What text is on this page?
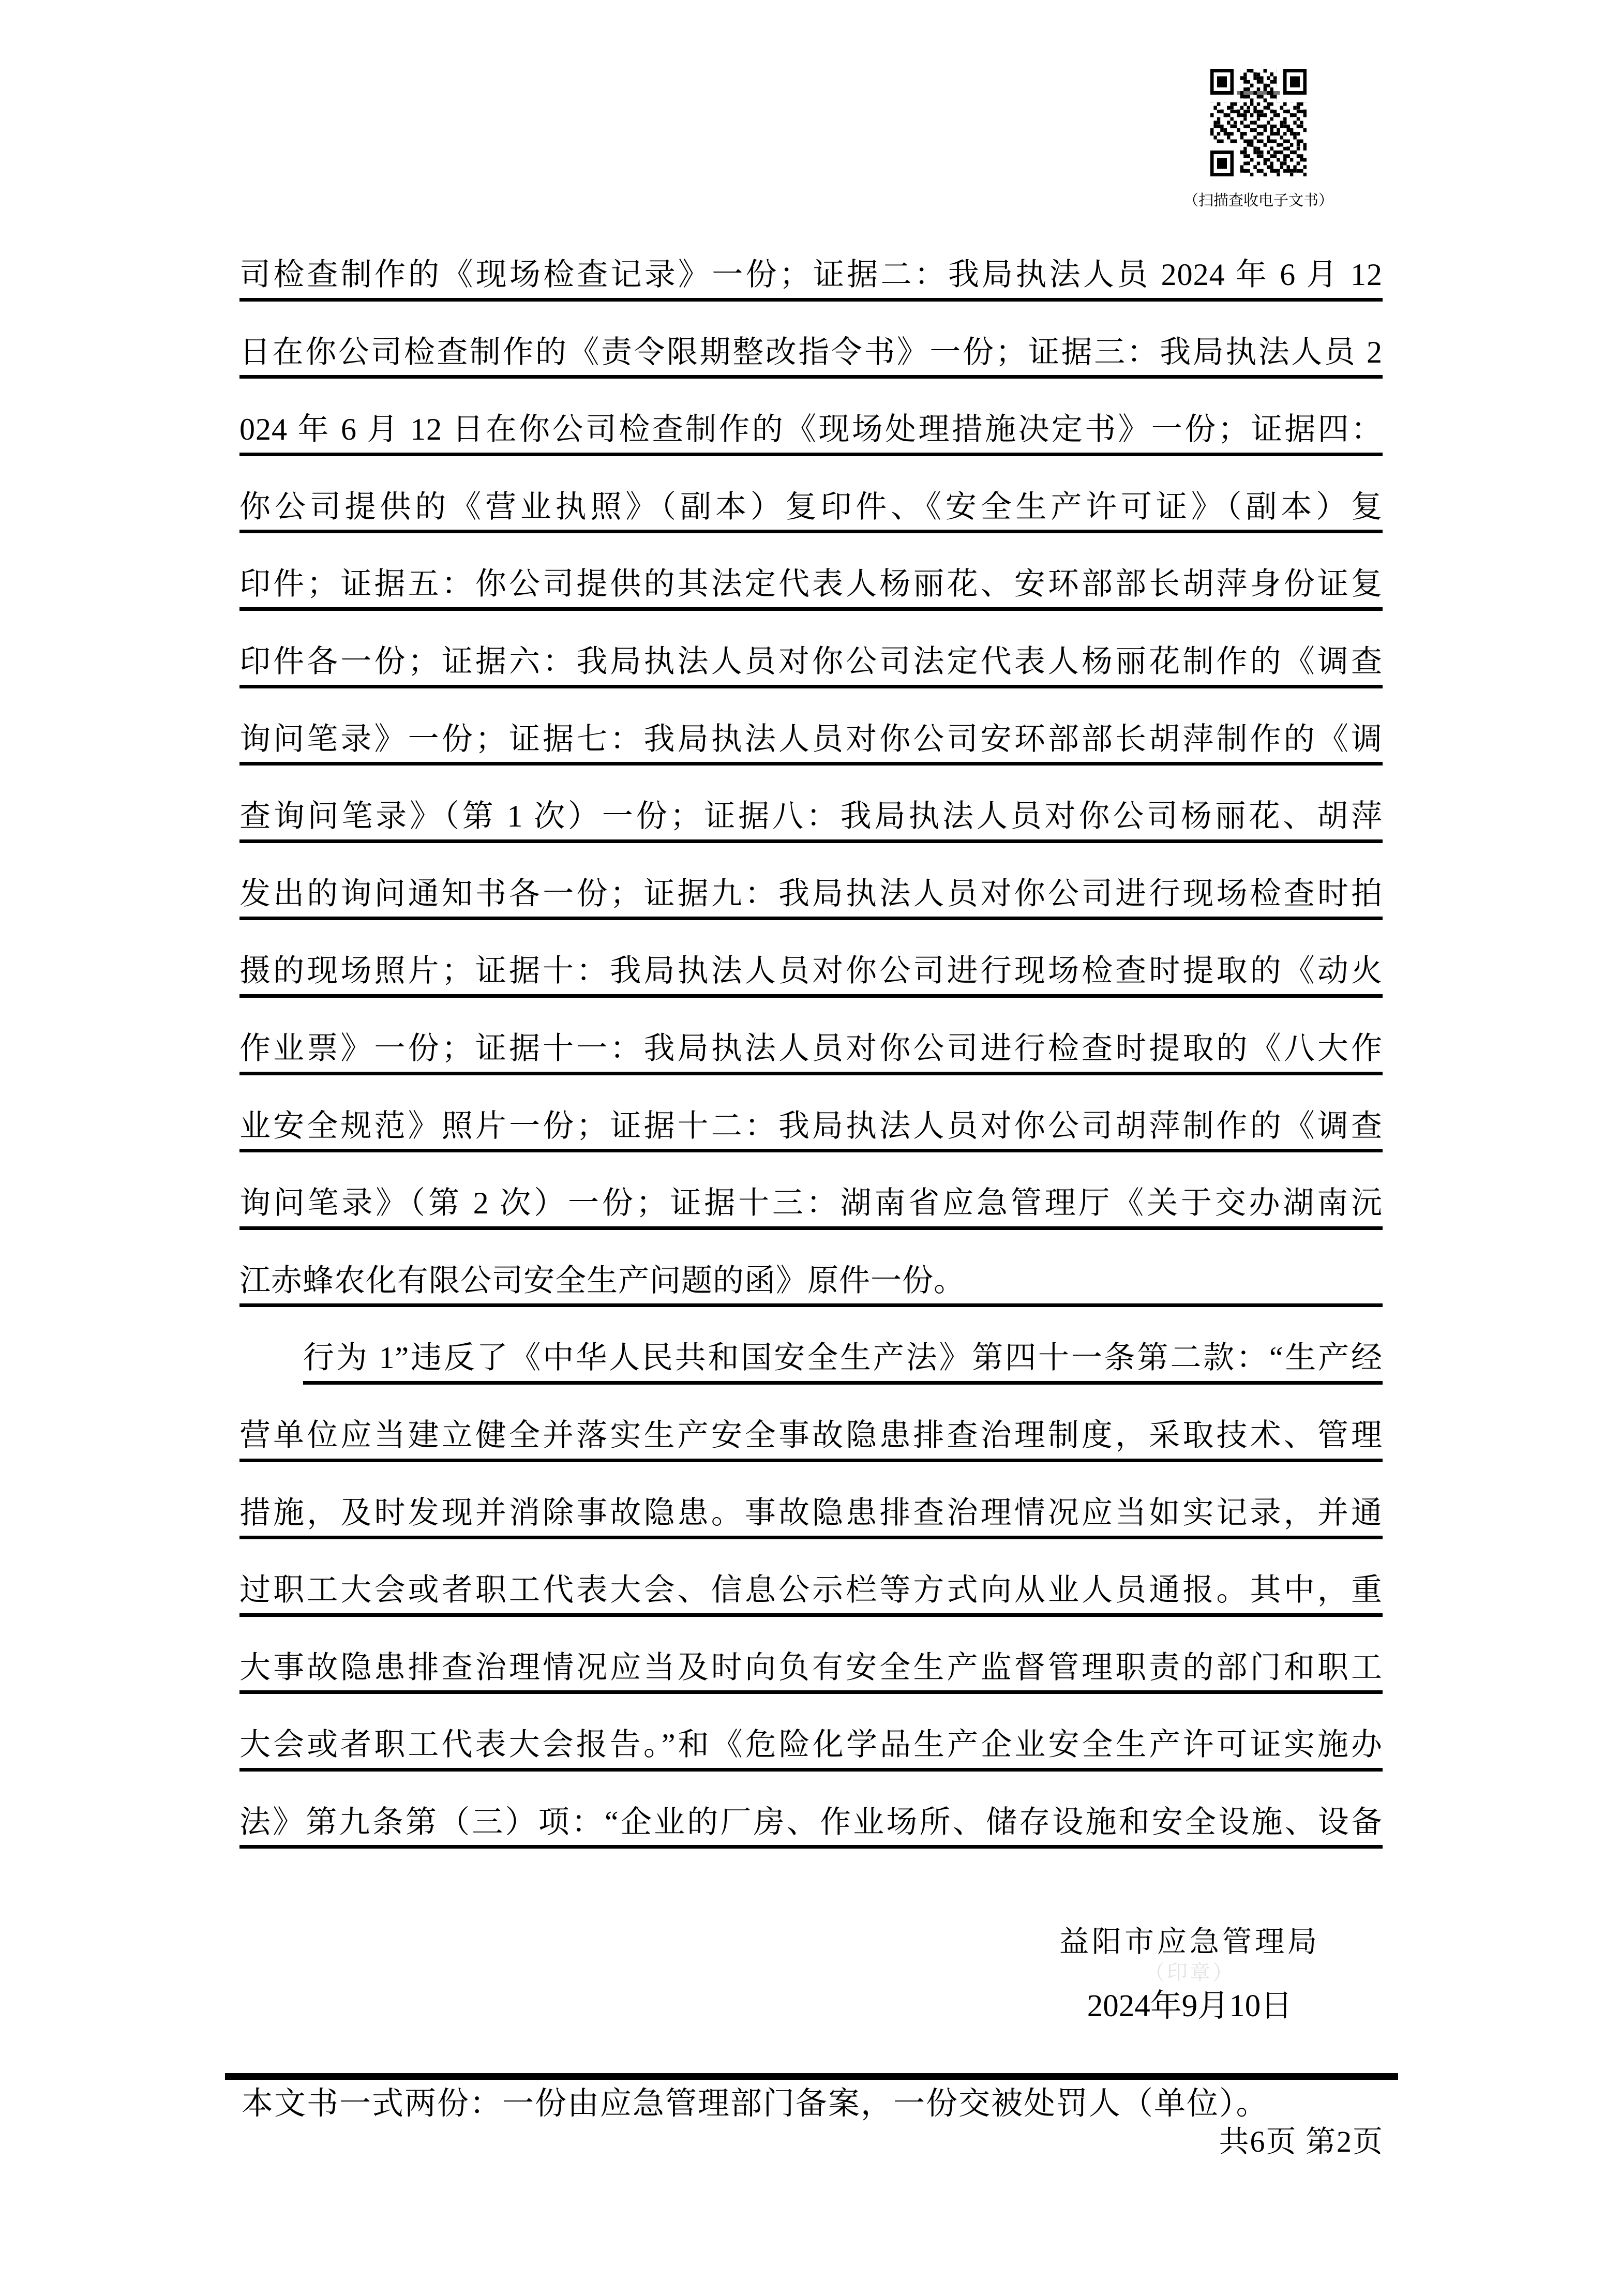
（扫描查收电子文书）
司检查制作的《现场检查记录》一份；证据二：我局执法人员 2024 年 6 月 12
日在你公司检查制作的《责令限期整改指令书》一份；证据三：我局执法人员 2
024 年 6 月 12 日在你公司检查制作的《现场处理措施决定书》一份；证据四：
你公司提供的《营业执照》（副本）复印件、《安全生产许可证》（副本）复
印件；证据五：你公司提供的其法定代表人杨丽花、安环部部长胡萍身份证复
印件各一份；证据六：我局执法人员对你公司法定代表人杨丽花制作的《调查
询问笔录》一份；证据七：我局执法人员对你公司安环部部长胡萍制作的《调
查询问笔录》（第 1 次）一份；证据八：我局执法人员对你公司杨丽花、胡萍
发出的询问通知书各一份；证据九：我局执法人员对你公司进行现场检查时拍
摄的现场照片；证据十：我局执法人员对你公司进行现场检查时提取的《动火
作业票》一份；证据十一：我局执法人员对你公司进行检查时提取的《八大作
业安全规范》照片一份；证据十二：我局执法人员对你公司胡萍制作的《调查
询问笔录》（第 2 次）一份；证据十三：湖南省应急管理厅《关于交办湖南沅
江赤蜂农化有限公司安全生产问题的函》原件一份。
行为 1”违反了《中华人民共和国安全生产法》第四十一条第二款：“生产经
营单位应当建立健全并落实生产安全事故隐患排查治理制度，采取技术、管理
措施，及时发现并消除事故隐患。事故隐患排查治理情况应当如实记录，并通
过职工大会或者职工代表大会、信息公示栏等方式向从业人员通报。其中，重
大事故隐患排查治理情况应当及时向负有安全生产监督管理职责的部门和职工
大会或者职工代表大会报告。”和《危险化学品生产企业安全生产许可证实施办
法》第九条第（三）项：“企业的厂房、作业场所、储存设施和安全设施、设备
益阳市应急管理局
（印章）
2024年9月10日
本文书一式两份：一份由应急管理部门备案，一份交被处罚人（单位）。
共6页 第2页
